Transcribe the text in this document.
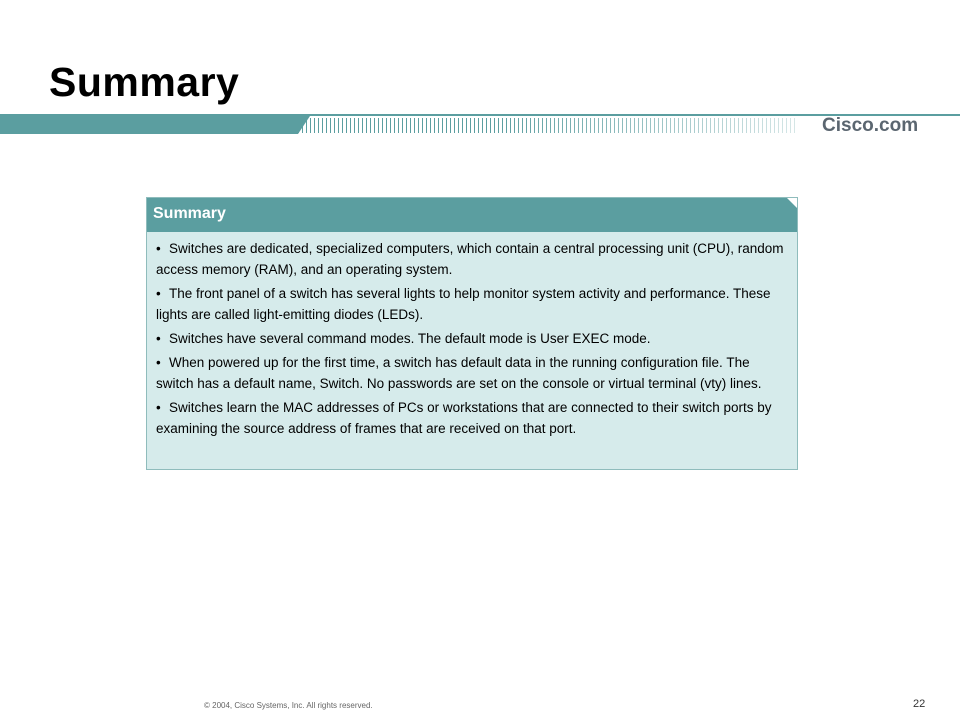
Summary
Cisco.com
Summary
• Switches are dedicated, specialized computers, which contain a central processing unit (CPU), random access memory (RAM), and an operating system.
• The front panel of a switch has several lights to help monitor system activity and performance. These lights are called light-emitting diodes (LEDs).
• Switches have several command modes. The default mode is User EXEC mode.
• When powered up for the first time, a switch has default data in the running configuration file. The switch has a default name, Switch. No passwords are set on the console or virtual terminal (vty) lines.
• Switches learn the MAC addresses of PCs or workstations that are connected to their switch ports by examining the source address of frames that are received on that port.
© 2004, Cisco Systems, Inc. All rights reserved.	22
